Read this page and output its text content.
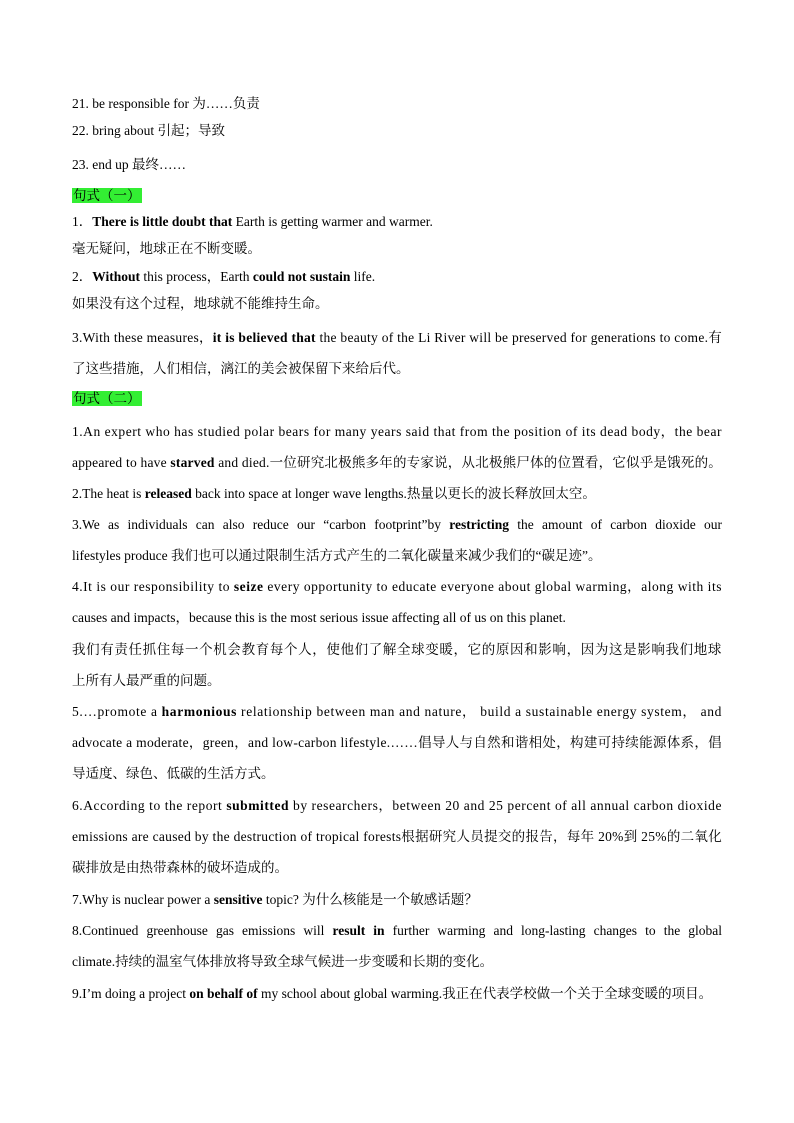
21. be responsible for 为……负责
22. bring about 引起；导致
23. end up 最终……
句式（一）
1．There is little doubt that Earth is getting warmer and warmer.
毫无疑问，地球正在不断变暖。
2．Without this process，Earth could not sustain life.
如果没有这个过程，地球就不能维持生命。
3.With these measures，it is believed that the beauty of the Li River will be preserved for generations to come.有
了这些措施，人们相信，漓江的美会被保留下来给后代。
句式（二）
1.An expert who has studied polar bears for many years said that from the position of its dead body，the bear
appeared to have starved and died.一位研究北极熊多年的专家说，从北极熊尸体的位置看，它似乎是饿死的。
2.The heat is released back into space at longer wave lengths.热量以更长的波长释放回太空。
3.We as individuals can also reduce our “carbon footprint”by restricting the amount of carbon dioxide our
lifestyles produce 我们也可以通过限制生活方式产生的二氧化碳量来减少我们的“碳足迹”。
4.It is our responsibility to seize every opportunity to educate everyone about global warming，along with its
causes and impacts，because this is the most serious issue affecting all of us on this planet.
我们有责任抓住每一个机会教育每个人，使他们了解全球变暖，它的原因和影响，因为这是影响我们地球
上所有人最严重的问题。
5.…promote a harmonious relationship between man and nature， build a sustainable energy system， and
advocate a moderate，green，and low-carbon lifestyle.……倡导人与自然和谐相处，构建可持续能源体系，倡
导适度、绿色、低碳的生活方式。
6.According to the report submitted by researchers，between 20 and 25 percent of all annual carbon dioxide
emissions are caused by the destruction of tropical forests根据研究人员提交的报告，每年 20%到 25%的二氧化
碳排放是由热带森林的破坏造成的。
7.Why is nuclear power a sensitive topic? 为什么核能是一个敏感话题？
8.Continued greenhouse gas emissions will result in further warming and long-lasting changes to the global
climate.持续的温室气体排放将导致全球气候进一步变暖和长期的变化。
9.I’m doing a project on behalf of my school about global warming.我正在代表学校做一个关于全球变暖的项目。
